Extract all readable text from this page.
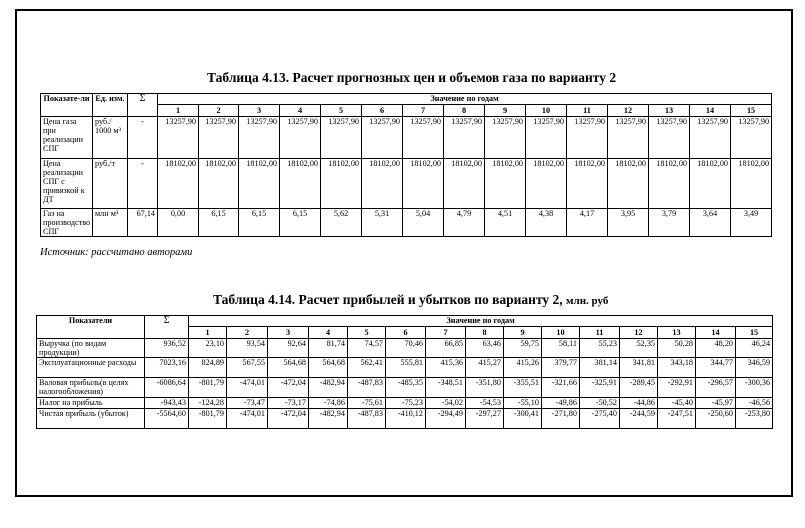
Таблица 4.13. Расчет прогнозных цен и объемов газа по варианту 2
Показате-ли	Ед. изм.	Σ	Значение по годам														
			1	2	3	4	5	6	7	8	9	10	11	12	13	14	15
Цена газа при реализации СПГ	руб./ 1000 м³	-	13257,90	13257,90	13257,90	13257,90	13257,90	13257,90	13257,90	13257,90	13257,90	13257,90	13257,90	13257,90	13257,90	13257,90	13257,90
Цена реализации СПГ с привязкой к ДТ	руб./т	-	18102,00	18102,00	18102,00	18102,00	18102,00	18102,00	18102,00	18102,00	18102,00	18102,00	18102,00	18102,00	18102,00	18102,00	18102,00
Газ на производство СПГ	млн м³	67,14	0,00	6,15	6,15	6,15	5,62	5,31	5,04	4,79	4,51	4,38	4,17	3,95	3,79	3,64	3,49
Источник: рассчитано авторами
Таблица 4.14. Расчет прибылей и убытков по варианту 2, млн. руб
Показатели	Σ	Значение по годам														
		1	2	3	4	5	6	7	8	9	10	11	12	13	14	15
Выручка (по видам продукции)	936,52	23,10	93,54	92,64	81,74	74,57	70,46	66,85	63,46	59,75	58,11	55,23	52,35	50,28	48,20	46,24
Эксплуатационные расходы	7023,16	824,89	567,55	564,68	564,68	562,41	555,81	415,36	415,27	415,26	379,77	381,14	341,81	343,18	344,77	346,59
Валовая прибыль(в целях налогообложения)	-6086,64	-801,79	-474,01	-472,04	-482,94	-487,83	-485,35	-348,51	-351,80	-355,51	-321,66	-325,91	-289,45	-292,91	-296,57	-300,36
Налог на прибыль	-943,43	-124,28	-73,47	-73,17	-74,86	-75,61	-75,23	-54,02	-54,53	-55,10	-49,86	-50,52	-44,86	-45,40	-45,97	-46,56
Чистая прибыль (убыток)	-5564,60	-801,79	-474,01	-472,04	-482,94	-487,83	-410,12	-294,49	-297,27	-300,41	-271,80	-275,40	-244,59	-247,51	-250,60	-253,80
